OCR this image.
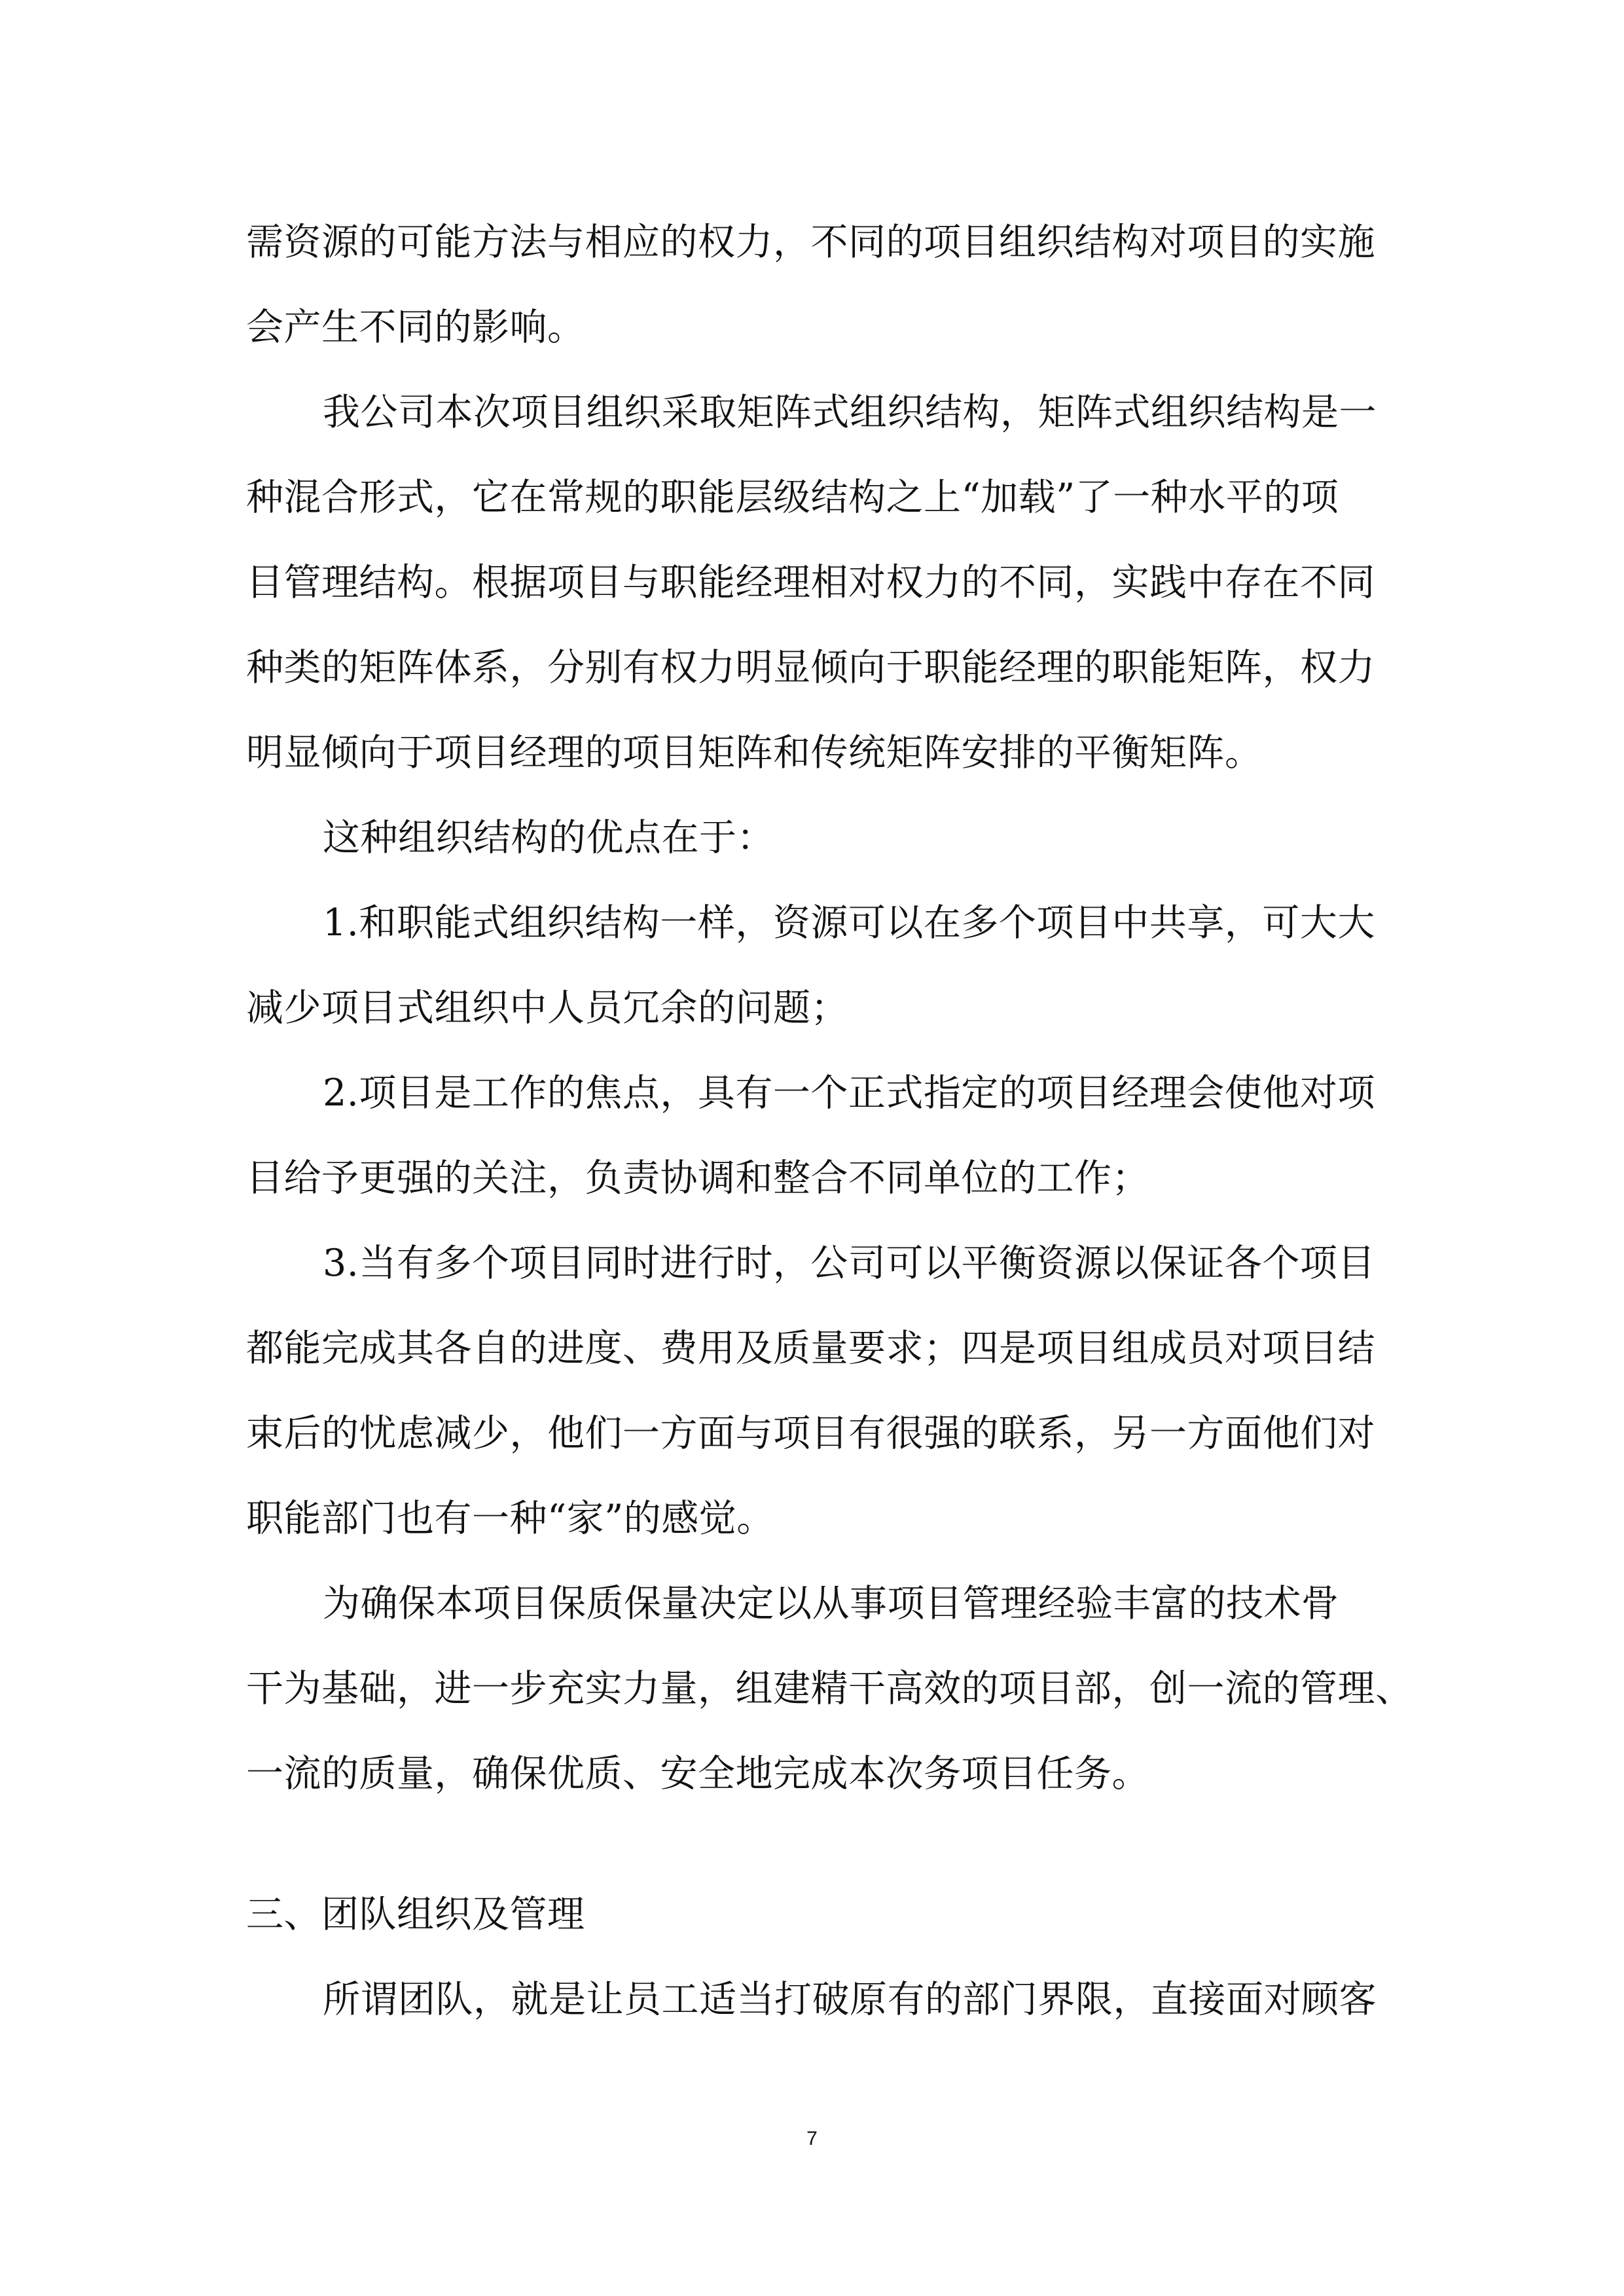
需资源的可能方法与相应的权力，不同的项目组织结构对项目的实施
会产生不同的影响。
我公司本次项目组织采取矩阵式组织结构，矩阵式组织结构是一
种混合形式，它在常规的职能层级结构之上“加载”了一种水平的项
目管理结构。根据项目与职能经理相对权力的不同，实践中存在不同
种类的矩阵体系，分别有权力明显倾向于职能经理的职能矩阵，权力
明显倾向于项目经理的项目矩阵和传统矩阵安排的平衡矩阵。
这种组织结构的优点在于：
1.和职能式组织结构一样，资源可以在多个项目中共享，可大大
减少项目式组织中人员冗余的问题；
2.项目是工作的焦点，具有一个正式指定的项目经理会使他对项
目给予更强的关注，负责协调和整合不同单位的工作；
3.当有多个项目同时进行时，公司可以平衡资源以保证各个项目
都能完成其各自的进度、费用及质量要求；四是项目组成员对项目结
束后的忧虑减少，他们一方面与项目有很强的联系，另一方面他们对
职能部门也有一种“家”的感觉。
为确保本项目保质保量决定以从事项目管理经验丰富的技术骨
干为基础，进一步充实力量，组建精干高效的项目部，创一流的管理、
一流的质量，确保优质、安全地完成本次务项目任务。
三、团队组织及管理
所谓团队，就是让员工适当打破原有的部门界限，直接面对顾客
7
